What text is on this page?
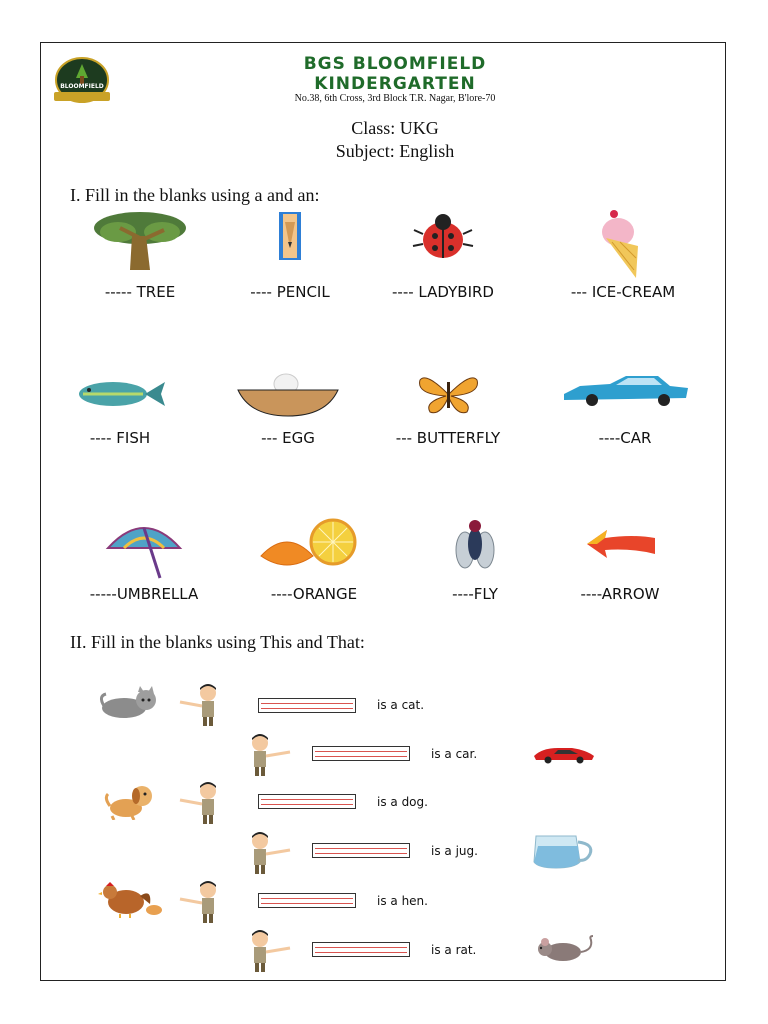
BLOOMFIELD
BGS BLOOMFIELD
KINDERGARTEN
No.38, 6th Cross, 3rd Block T.R. Nagar, B'lore-70
Class: UKG
Subject: English
I. Fill in the blanks using a and an:
----- TREE	---- PENCIL	---- LADYBIRD	--- ICE-CREAM
---- FISH	--- EGG	--- BUTTERFLY	----CAR
-----UMBRELLA	----ORANGE	----FLY	----ARROW
II. Fill in the blanks using This and That:
is a cat.
is a car.
is a dog.
is a jug.
is a hen.
is a rat.
